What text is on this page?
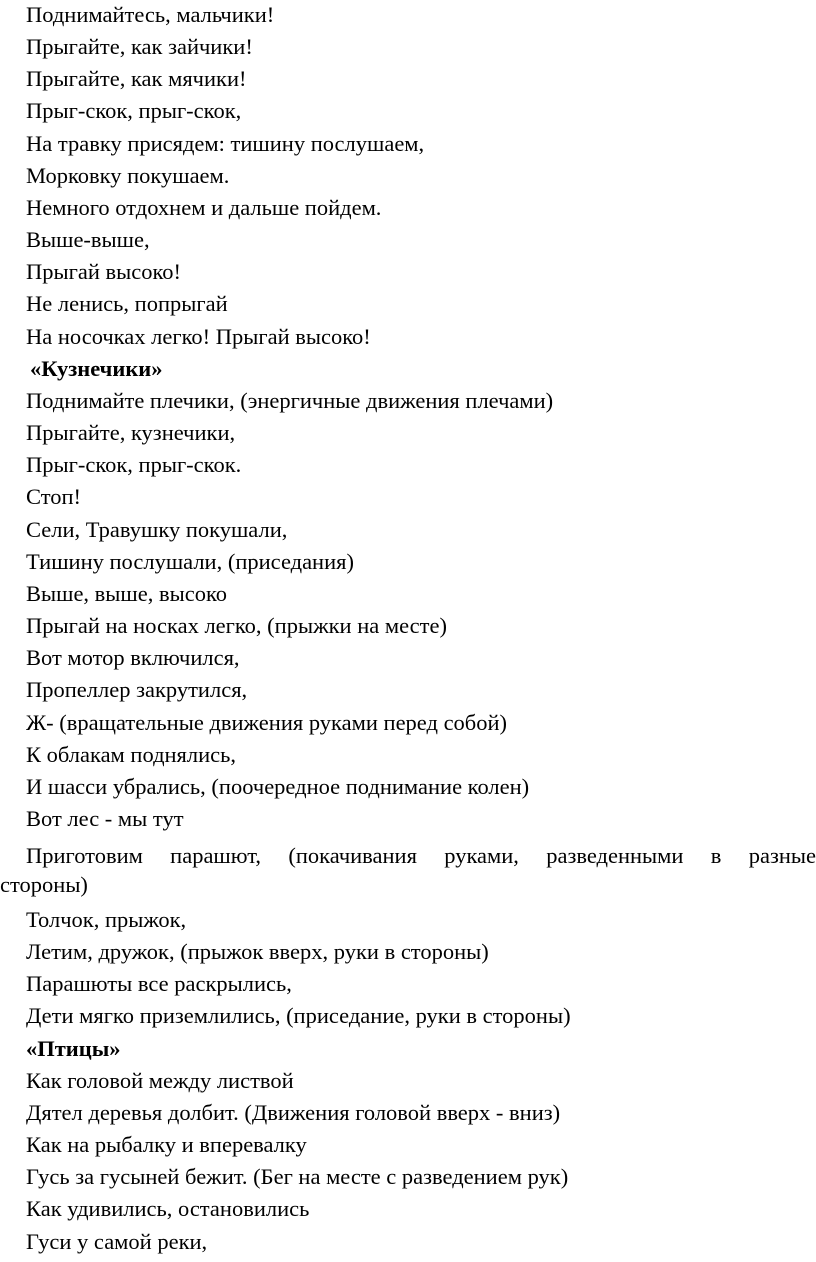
Поднимайтесь, мальчики!
Прыгайте, как зайчики!
Прыгайте, как мячики!
Прыг-скок, прыг-скок,
На травку присядем: тишину послушаем,
Морковку покушаем.
Немного отдохнем и дальше пойдем.
Выше-выше,
Прыгай высоко!
Не ленись, попрыгай
На носочках легко! Прыгай высоко!
«Кузнечики»
Поднимайте плечики, (энергичные движения плечами)
Прыгайте, кузнечики,
Прыг-скок, прыг-скок.
Стоп!
Сели, Травушку покушали,
Тишину послушали, (приседания)
Выше, выше, высоко
Прыгай на носках легко, (прыжки на месте)
Вот мотор включился,
Пропеллер закрутился,
Ж- (вращательные движения руками перед собой)
К облакам поднялись,
И шасси убрались, (поочередное поднимание колен)
Вот лес - мы тут
Приготовим парашют, (покачивания руками, разведенными в разные
стороны)
Толчок, прыжок,
Летим, дружок, (прыжок вверх, руки в стороны)
Парашюты все раскрылись,
Дети мягко приземлились, (приседание, руки в стороны)
«Птицы»
Как головой между листвой
Дятел деревья долбит. (Движения головой вверх - вниз)
Как на рыбалку и вперевалку
Гусь за гусыней бежит. (Бег на месте с разведением рук)
Как удивились, остановились
Гуси у самой реки,
